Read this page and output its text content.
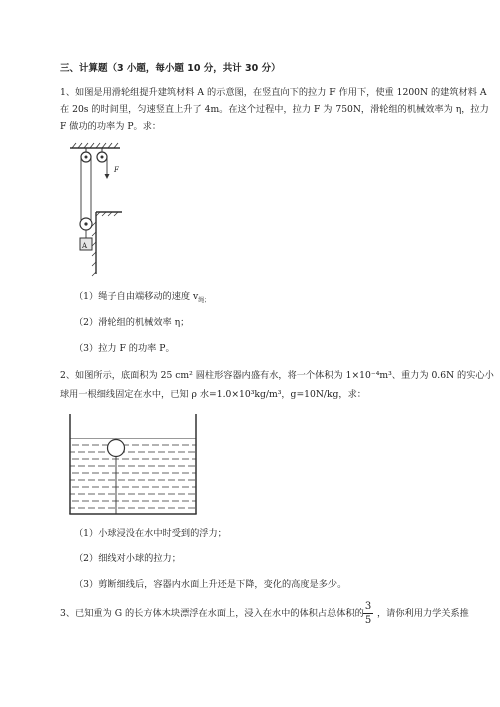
三、计算题（3 小题，每小题 10 分，共计 30 分）
1、如图是用滑轮组提升建筑材料 A 的示意图，在竖直向下的拉力 F 作用下，使重 1200N 的建筑材料 A
在 20s 的时间里，匀速竖直上升了 4m。在这个过程中，拉力 F 为 750N，滑轮组的机械效率为 η，拉力
F 做功的功率为 P。求：
F
A
（1）绳子自由端移动的速度 $v_{绳;}$
（2）滑轮组的机械效率 η；
（3）拉力 F 的功率 P。
2、如图所示，底面积为 25 cm² 圆柱形容器内盛有水，将一个体积为 1×10⁻⁴m³、重力为 0.6N 的实心小
球用一根细线固定在水中，已知 ρ 水=1.0×10³kg/m³，g=10N/kg，求：
（1）小球浸没在水中时受到的浮力；
（2）细线对小球的拉力；
（3）剪断细线后，容器内水面上升还是下降，变化的高度是多少。
3、已知重为 G 的长方体木块漂浮在水面上，浸入在水中的体积占总体积的
3
5
，请你利用力学关系推
